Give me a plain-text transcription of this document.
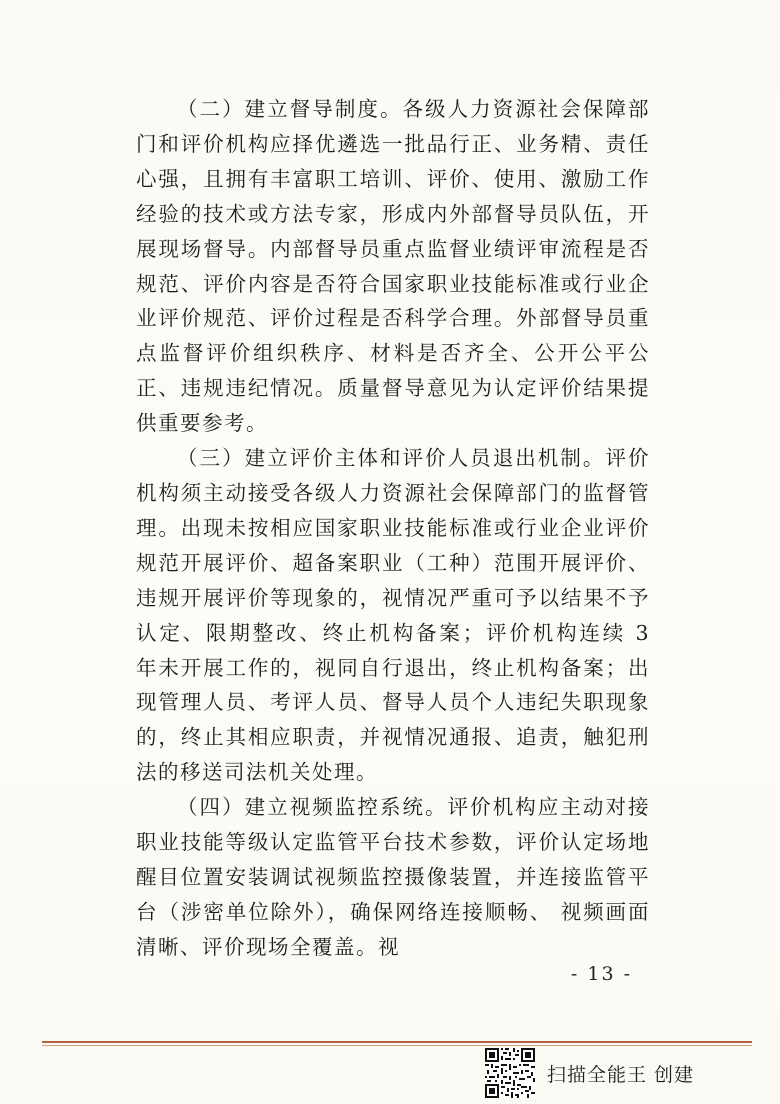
（二）建立督导制度。各级人力资源社会保障部门和评价机构应择优遴选一批品行正、业务精、责任心强，且拥有丰富职工培训、评价、使用、激励工作经验的技术或方法专家，形成内外部督导员队伍，开展现场督导。内部督导员重点监督业绩评审流程是否规范、评价内容是否符合国家职业技能标准或行业企业评价规范、评价过程是否科学合理。外部督导员重点监督评价组织秩序、材料是否齐全、公开公平公正、违规违纪情况。质量督导意见为认定评价结果提供重要参考。

（三）建立评价主体和评价人员退出机制。评价机构须主动接受各级人力资源社会保障部门的监督管理。出现未按相应国家职业技能标准或行业企业评价规范开展评价、超备案职业（工种）范围开展评价、违规开展评价等现象的，视情况严重可予以结果不予认定、限期整改、终止机构备案；评价机构连续 3 年未开展工作的，视同自行退出，终止机构备案；出现管理人员、考评人员、督导人员个人违纪失职现象的，终止其相应职责，并视情况通报、追责，触犯刑法的移送司法机关处理。

（四）建立视频监控系统。评价机构应主动对接职业技能等级认定监管平台技术参数，评价认定场地醒目位置安装调试视频监控摄像装置，并连接监管平台（涉密单位除外），确保网络连接顺畅、 视频画面清晰、评价现场全覆盖。视

- 13 -
扫描全能王 创建
